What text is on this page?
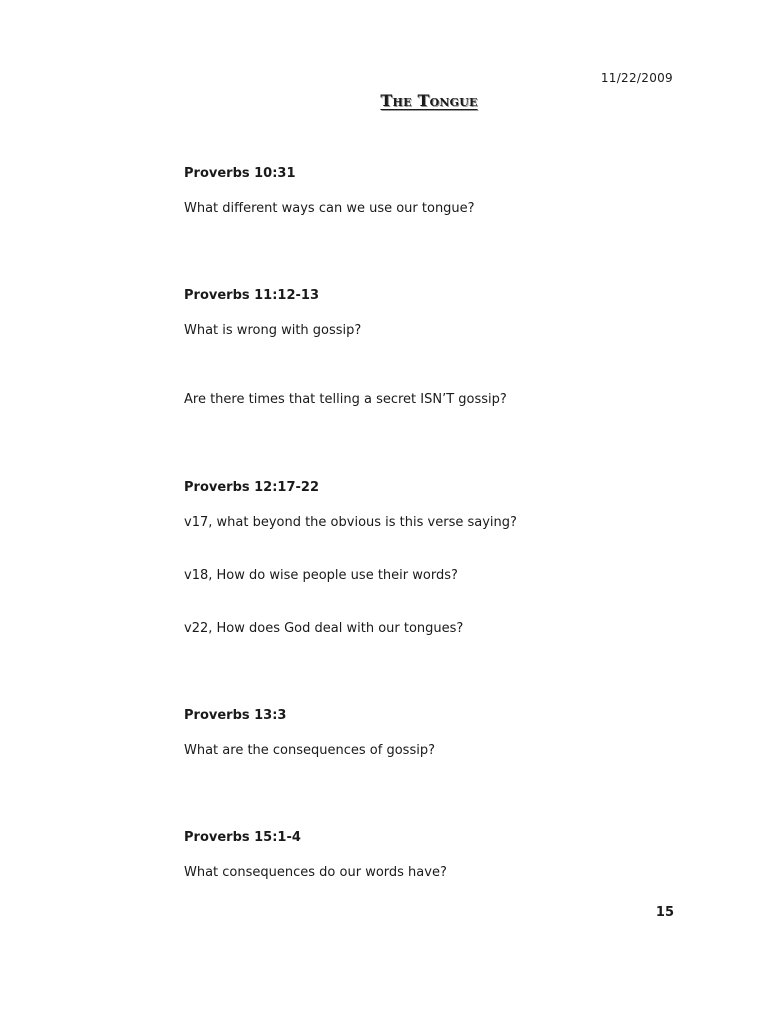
11/22/2009
The Tongue
Proverbs 10:31
What different ways can we use our tongue?
Proverbs 11:12-13
What is wrong with gossip?
Are there times that telling a secret ISN’T gossip?
Proverbs 12:17-22
v17, what beyond the obvious is this verse saying?
v18, How do wise people use their words?
v22, How does God deal with our tongues?
Proverbs 13:3
What are the consequences of gossip?
Proverbs 15:1-4
What consequences do our words have?
15
